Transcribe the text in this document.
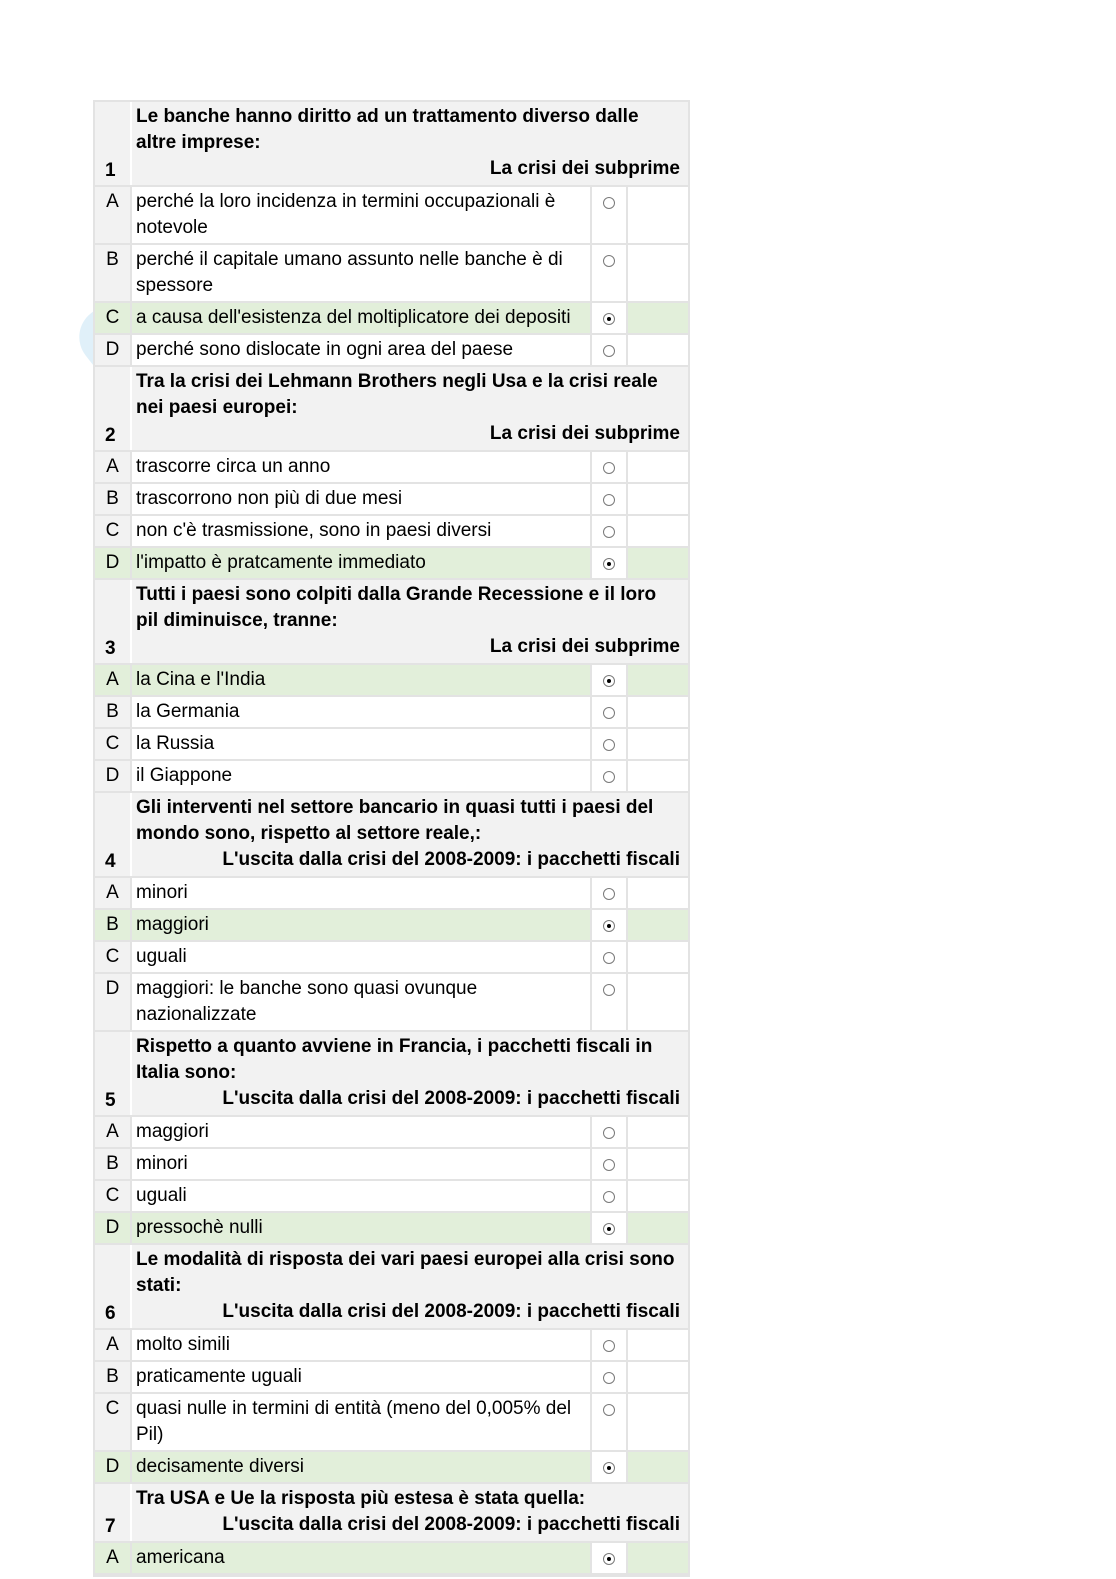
1
Le banche hanno diritto ad un trattamento diverso dalle altre imprese:
La crisi dei subprime
A perché la loro incidenza in termini occupazionali è notevole
B perché il capitale umano assunto nelle banche è di spessore
C a causa dell'esistenza del moltiplicatore dei depositi
D perché sono dislocate in ogni area del paese
2
Tra la crisi dei Lehmann Brothers negli Usa e la crisi reale nei paesi europei:
La crisi dei subprime
A trascorre circa un anno
B trascorrono non più di due mesi
C non c'è trasmissione, sono in paesi diversi
D l'impatto è pratcamente immediato
3
Tutti i paesi sono colpiti dalla Grande Recessione e il loro pil diminuisce, tranne:
La crisi dei subprime
A la Cina e l'India
B la Germania
C la Russia
D il Giappone
4
Gli interventi nel settore bancario in quasi tutti i paesi del mondo sono, rispetto al settore reale,:
L'uscita dalla crisi del 2008-2009: i pacchetti fiscali
A minori
B maggiori
C uguali
D maggiori: le banche sono quasi ovunque nazionalizzate
5
Rispetto a quanto avviene in Francia, i pacchetti fiscali in Italia sono:
L'uscita dalla crisi del 2008-2009: i pacchetti fiscali
A maggiori
B minori
C uguali
D pressochè nulli
6
Le modalità di risposta dei vari paesi europei alla crisi sono stati:
L'uscita dalla crisi del 2008-2009: i pacchetti fiscali
A molto simili
B praticamente uguali
C quasi nulle in termini di entità (meno del 0,005% del Pil)
D decisamente diversi
7
Tra USA e Ue la risposta più estesa è stata quella:
L'uscita dalla crisi del 2008-2009: i pacchetti fiscali
A americana
